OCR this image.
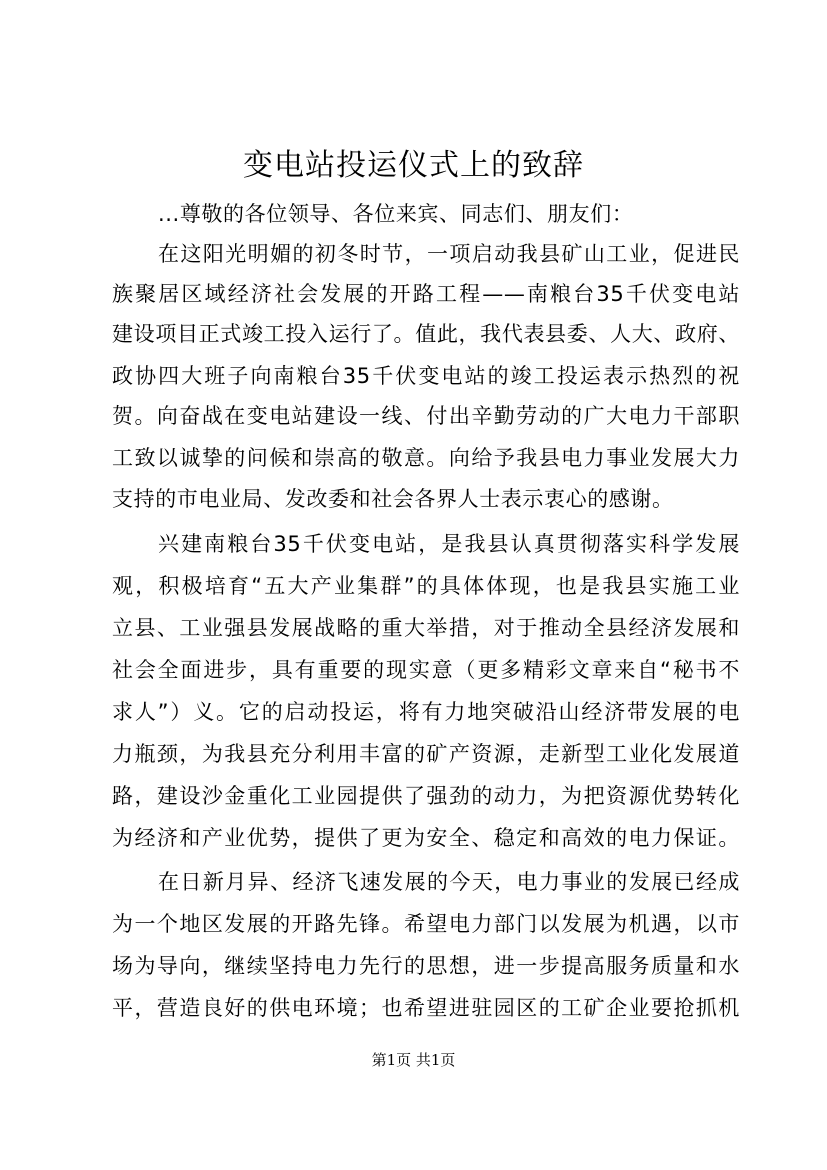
变电站投运仪式上的致辞
...尊敬的各位领导、各位来宾、同志们、朋友们：
在这阳光明媚的初冬时节，一项启动我县矿山工业，促进民
族聚居区域经济社会发展的开路工程——南粮台35千伏变电站
建设项目正式竣工投入运行了。值此，我代表县委、人大、政府、
政协四大班子向南粮台35千伏变电站的竣工投运表示热烈的祝
贺。向奋战在变电站建设一线、付出辛勤劳动的广大电力干部职
工致以诚挚的问候和崇高的敬意。向给予我县电力事业发展大力
支持的市电业局、发改委和社会各界人士表示衷心的感谢。
兴建南粮台35千伏变电站，是我县认真贯彻落实科学发展
观，积极培育“五大产业集群”的具体体现，也是我县实施工业
立县、工业强县发展战略的重大举措，对于推动全县经济发展和
社会全面进步，具有重要的现实意（更多精彩文章来自“秘书不
求人”）义。它的启动投运，将有力地突破沿山经济带发展的电
力瓶颈，为我县充分利用丰富的矿产资源，走新型工业化发展道
路，建设沙金重化工业园提供了强劲的动力，为把资源优势转化
为经济和产业优势，提供了更为安全、稳定和高效的电力保证。
在日新月异、经济飞速发展的今天，电力事业的发展已经成
为一个地区发展的开路先锋。希望电力部门以发展为机遇，以市
场为导向，继续坚持电力先行的思想，进一步提高服务质量和水
平，营造良好的供电环境；也希望进驻园区的工矿企业要抢抓机
第1页 共1页
